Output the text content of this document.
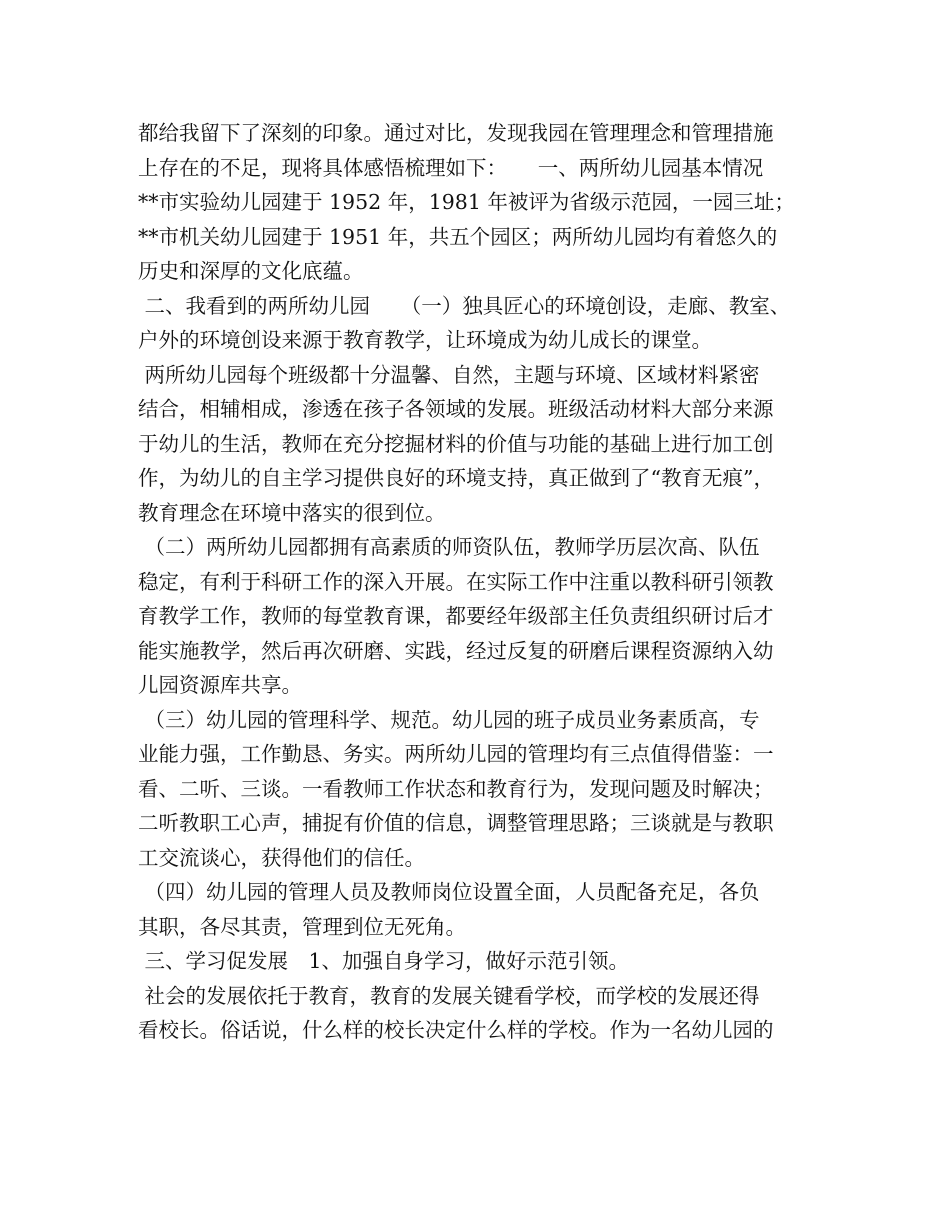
都给我留下了深刻的印象。通过对比，发现我园在管理理念和管理措施
上存在的不足，现将具体感悟梳理如下：　　一、两所幼儿园基本情况
**市实验幼儿园建于 1952 年，1981 年被评为省级示范园，一园三址；
**市机关幼儿园建于 1951 年，共五个园区；两所幼儿园均有着悠久的
历史和深厚的文化底蕴。
二、我看到的两所幼儿园　　（一）独具匠心的环境创设，走廊、教室、
户外的环境创设来源于教育教学，让环境成为幼儿成长的课堂。
两所幼儿园每个班级都十分温馨、自然，主题与环境、区域材料紧密
结合，相辅相成，渗透在孩子各领域的发展。班级活动材料大部分来源
于幼儿的生活，教师在充分挖掘材料的价值与功能的基础上进行加工创
作，为幼儿的自主学习提供良好的环境支持，真正做到了“教育无痕”，
教育理念在环境中落实的很到位。
（二）两所幼儿园都拥有高素质的师资队伍，教师学历层次高、队伍
稳定，有利于科研工作的深入开展。在实际工作中注重以教科研引领教
育教学工作，教师的每堂教育课，都要经年级部主任负责组织研讨后才
能实施教学，然后再次研磨、实践，经过反复的研磨后课程资源纳入幼
儿园资源库共享。
（三）幼儿园的管理科学、规范。幼儿园的班子成员业务素质高，专
业能力强，工作勤恳、务实。两所幼儿园的管理均有三点值得借鉴：一
看、二听、三谈。一看教师工作状态和教育行为，发现问题及时解决；
二听教职工心声，捕捉有价值的信息，调整管理思路；三谈就是与教职
工交流谈心，获得他们的信任。
（四）幼儿园的管理人员及教师岗位设置全面，人员配备充足，各负
其职，各尽其责，管理到位无死角。
三、学习促发展　1、加强自身学习，做好示范引领。
社会的发展依托于教育，教育的发展关键看学校，而学校的发展还得
看校长。俗话说，什么样的校长决定什么样的学校。作为一名幼儿园的
